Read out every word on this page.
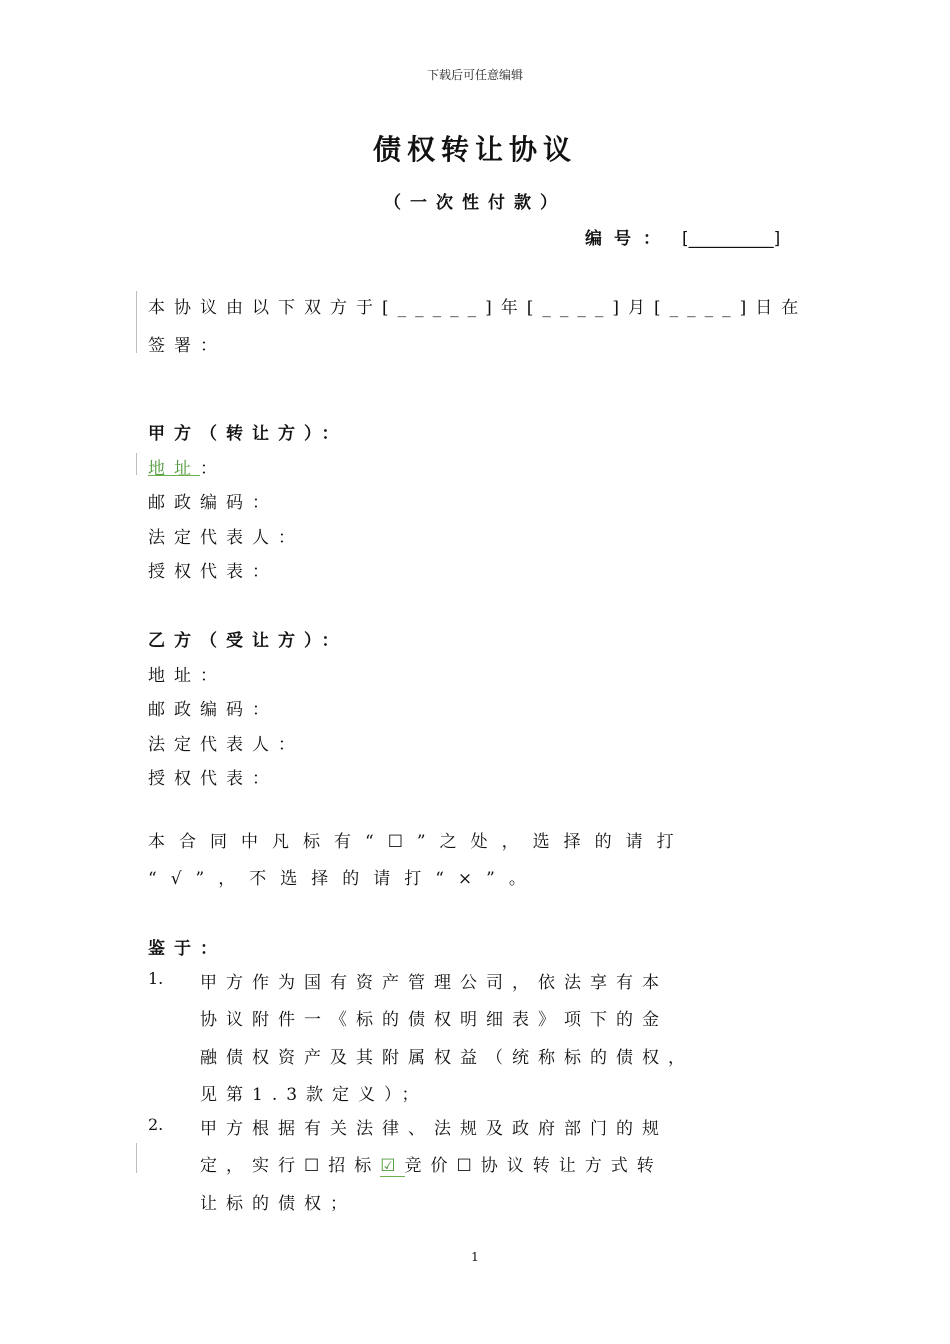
下载后可任意编辑
债权转让协议
（一次性付款）
编号： [__________]
本协议由以下双方于[_____]年[____]月[____]日在
签署：
甲方（转让方）：
地址：
邮政编码：
法定代表人：
授权代表：
乙方（受让方）：
地址：
邮政编码：
法定代表人：
授权代表：
本合同中凡标有“☐”之处，选择的请打
“√”，不选择的请打“×”。
鉴于：
1. 甲方作为国有资产管理公司，依法享有本
协议附件一《标的债权明细表》项下的金
融债权资产及其附属权益（统称标的债权，
见第1.3款定义）；
2. 甲方根据有关法律、法规及政府部门的规
定，实行☐招标☑竞价☐协议转让方式转
让标的债权；
1
